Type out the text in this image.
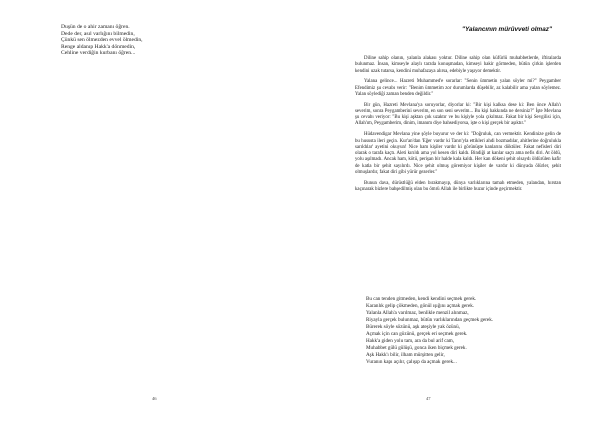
Duşün de o ahir zamanı öğren.
Dede der, asıl varlığını bilmedin,
Çünkü sen ölmezden evvel ölmedin,
Rengе aldanıp Hakk'a dönmedin,
Cehline verdiğin kurbanı öğren...
46
"Yalancının mürüvveti olmaz"

Diline sahip olanın, yalanla alakası yoktur. Diline sahip olan küfürlü muhabbetlerde, iftiralarda bulunmaz. İnsan, kimseyle alaylı tarzda konuşmadan, kimseyi hakir görmeden, bütün çirkin işlerden kendini uzak tutarsa, kendini muhafazaya alırsa, edebiyle yaşıyor demektir.

Yalana gelince... Hazreti Muhammed'e sorarlar: "Senin ümmetin yalan söyler mi?" Peygamber Efendimiz şu cevabı verir: "Benim ümmetim zor durumlarda düşebilir, az kalabilir ama yalan söylemez. Yalan söylediği zaman benden değildir."

Bir gün, Hazreti Mevlana'ya soruyorlar, diyorlar ki: "Bir kişi kalksa dese ki: Ben önce Allah'ı severim, sonra Peygamberini severim, en son seni severim... Bu kişi hakkında ne dersiniz?" İşte Mevlana şu cevabı veriyor: "Bu kişi aşktan çok uzaktır ve bu kişiyle yola çıkılmaz. Fakat bir kişi Sevgilisi için, Allah'ım, Peygamberim, dinim, imanım diye bahsediyorsa, işte o kişi gerçek bir aşıktır."

Hüdavendigar Mevlana yine şöyle buyurur ve der ki: "Doğruluk, can vermektir. Kendinize gelin de bu hususta ileri geçin. Kur'an'dan 'Eğer vardır ki Tanrı'yla ettikleri ahdi bozmadılar, ahitlerine doğrulukla sarıldılar' ayetini okuyun! Nice ham kişiler vardır ki görünüşte kanlarını döktüler. Fakat nefisleri diri olarak o tarafa kaçtı. Aleti kırıldı ama yol kesen diri kaldı. Bindiği at kanlar saçtı ama nefis diri. At öldü, yolu aşılmadı. Ancak ham, kötü, perişan bir halde kala kaldı. Her kan dökeni şehit olsaydı öldürülen kafir de katla bir şehit sayılırdı. Nice şehit olmuş göremiyor kişiler de vardır ki dünyada ölürler, şehit olmuşlardır, fakat diri gibi yürür gezerler."

Bunun dava, dürüstlüğü elden bırakmayıp, dünya varlıklarına tamah etmeden, yalandan, hırstan kaçınarak bizlere bahşedilmiş olan bu ömrü Allah ile birlikte huzur içinde geçirmektir.

Bu can tenden gitmeden, kendi kendini seçmek gerek.
Karanlık gelip çökmeden, gönül ışığını açmak gerek.
Yalanla Allah'a varılmaz, benlikle menzil alınmaz,
Riyayla gerçek bulunmaz, bütün varlıklarından geçmek gerek.
Bürerek söyle sözünü, aşk ateşiyle yak özünü,
Açmak için can gözünü, gerçek eri seçmek gerek.
Hakk'a giden yolu tam, ara da bul arif cam,
Muhabbet gülü gülüşü, gonca iken biçmek gerek.
Aşk Hakk'ı bilir, ilham mürşitten gelir,
Vuranın kapı açılır, çalışıp da açmak gerek...
47
